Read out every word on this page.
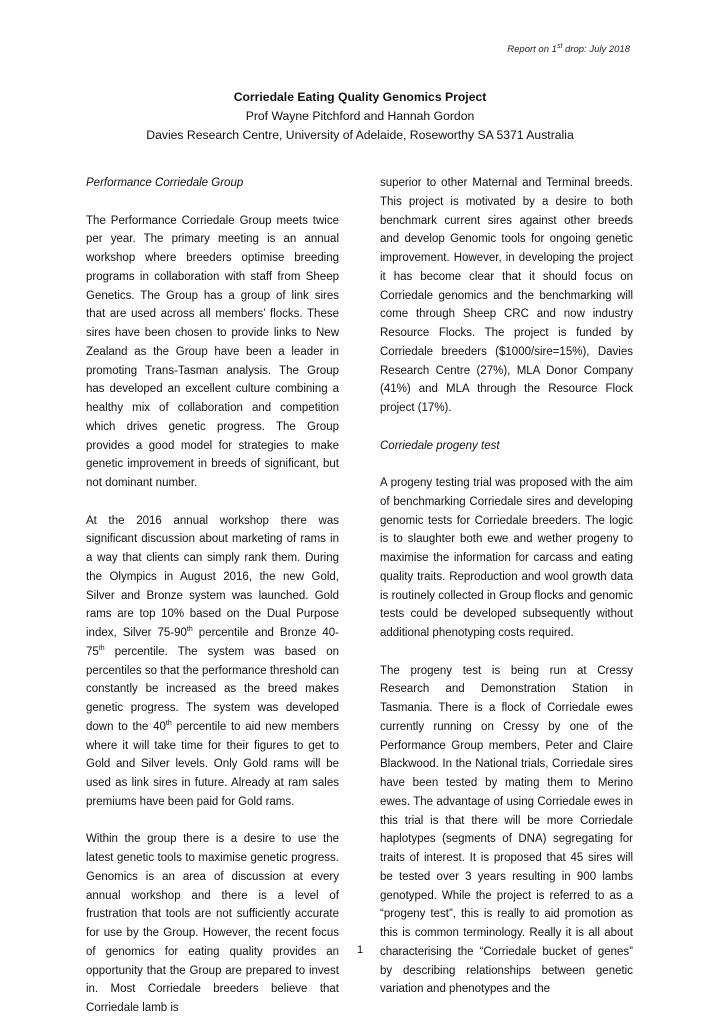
Report on 1st drop: July 2018
Corriedale Eating Quality Genomics Project
Prof Wayne Pitchford and Hannah Gordon
Davies Research Centre, University of Adelaide, Roseworthy SA 5371 Australia

Performance Corriedale Group

The Performance Corriedale Group meets twice per year. The primary meeting is an annual workshop where breeders optimise breeding programs in collaboration with staff from Sheep Genetics. The Group has a group of link sires that are used across all members’ flocks. These sires have been chosen to provide links to New Zealand as the Group have been a leader in promoting Trans-Tasman analysis. The Group has developed an excellent culture combining a healthy mix of collaboration and competition which drives genetic progress. The Group provides a good model for strategies to make genetic improvement in breeds of significant, but not dominant number.

At the 2016 annual workshop there was significant discussion about marketing of rams in a way that clients can simply rank them. During the Olympics in August 2016, the new Gold, Silver and Bronze system was launched. Gold rams are top 10% based on the Dual Purpose index, Silver 75-90th percentile and Bronze 40-75th percentile. The system was based on percentiles so that the performance threshold can constantly be increased as the breed makes genetic progress. The system was developed down to the 40th percentile to aid new members where it will take time for their figures to get to Gold and Silver levels. Only Gold rams will be used as link sires in future. Already at ram sales premiums have been paid for Gold rams.

Within the group there is a desire to use the latest genetic tools to maximise genetic progress. Genomics is an area of discussion at every annual workshop and there is a level of frustration that tools are not sufficiently accurate for use by the Group. However, the recent focus of genomics for eating quality provides an opportunity that the Group are prepared to invest in. Most Corriedale breeders believe that Corriedale lamb is

superior to other Maternal and Terminal breeds. This project is motivated by a desire to both benchmark current sires against other breeds and develop Genomic tools for ongoing genetic improvement. However, in developing the project it has become clear that it should focus on Corriedale genomics and the benchmarking will come through Sheep CRC and now industry Resource Flocks. The project is funded by Corriedale breeders ($1000/sire=15%), Davies Research Centre (27%), MLA Donor Company (41%) and MLA through the Resource Flock project (17%).

Corriedale progeny test

A progeny testing trial was proposed with the aim of benchmarking Corriedale sires and developing genomic tests for Corriedale breeders. The logic is to slaughter both ewe and wether progeny to maximise the information for carcass and eating quality traits. Reproduction and wool growth data is routinely collected in Group flocks and genomic tests could be developed subsequently without additional phenotyping costs required.

The progeny test is being run at Cressy Research and Demonstration Station in Tasmania. There is a flock of Corriedale ewes currently running on Cressy by one of the Performance Group members, Peter and Claire Blackwood. In the National trials, Corriedale sires have been tested by mating them to Merino ewes. The advantage of using Corriedale ewes in this trial is that there will be more Corriedale haplotypes (segments of DNA) segregating for traits of interest. It is proposed that 45 sires will be tested over 3 years resulting in 900 lambs genotyped. While the project is referred to as a “progeny test”, this is really to aid promotion as this is common terminology. Really it is all about characterising the “Corriedale bucket of genes” by describing relationships between genetic variation and phenotypes and the

1
